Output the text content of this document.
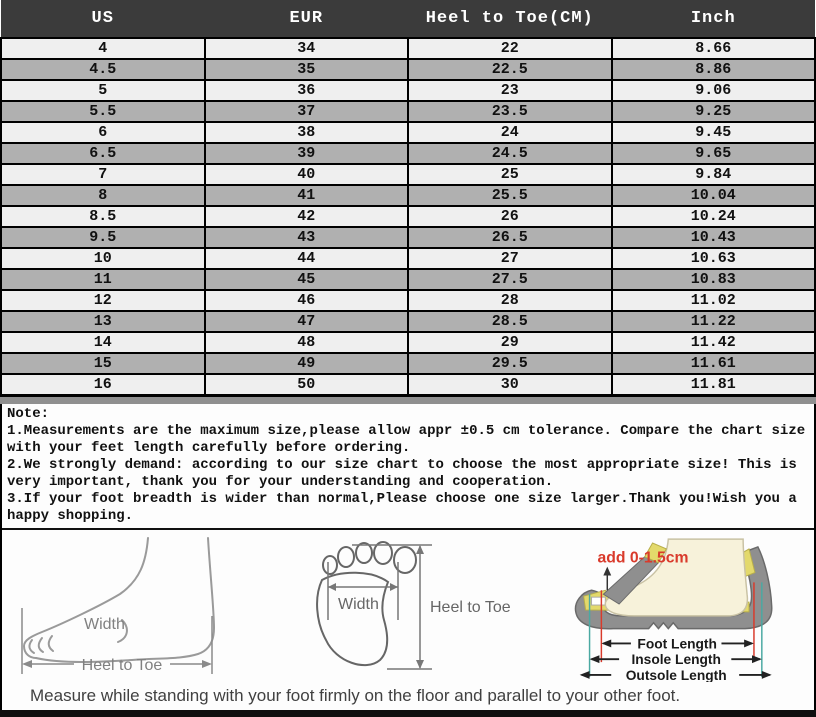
US	EUR	Heel to Toe(CM)	Inch
4	34	22	8.66
4.5	35	22.5	8.86
5	36	23	9.06
5.5	37	23.5	9.25
6	38	24	9.45
6.5	39	24.5	9.65
7	40	25	9.84
8	41	25.5	10.04
8.5	42	26	10.24
9.5	43	26.5	10.43
10	44	27	10.63
11	45	27.5	10.83
12	46	28	11.02
13	47	28.5	11.22
14	48	29	11.42
15	49	29.5	11.61
16	50	30	11.81
Note:
1.Measurements are the maximum size,please allow appr ±0.5 cm tolerance. Compare the chart size with your feet length carefully before ordering.
2.We strongly demand: according to our size chart to choose the most appropriate size! This is very important, thank you for your understanding and cooperation.
3.If your foot breadth is wider than normal,Please choose one size larger.Thank you!Wish you a happy shopping.
Width
Heel to Toe
Width	Heel to Toe
add 0-1.5cm
Foot Length
Insole Length
Outsole Length
Measure while standing with your foot firmly on the floor and parallel to your other foot.
